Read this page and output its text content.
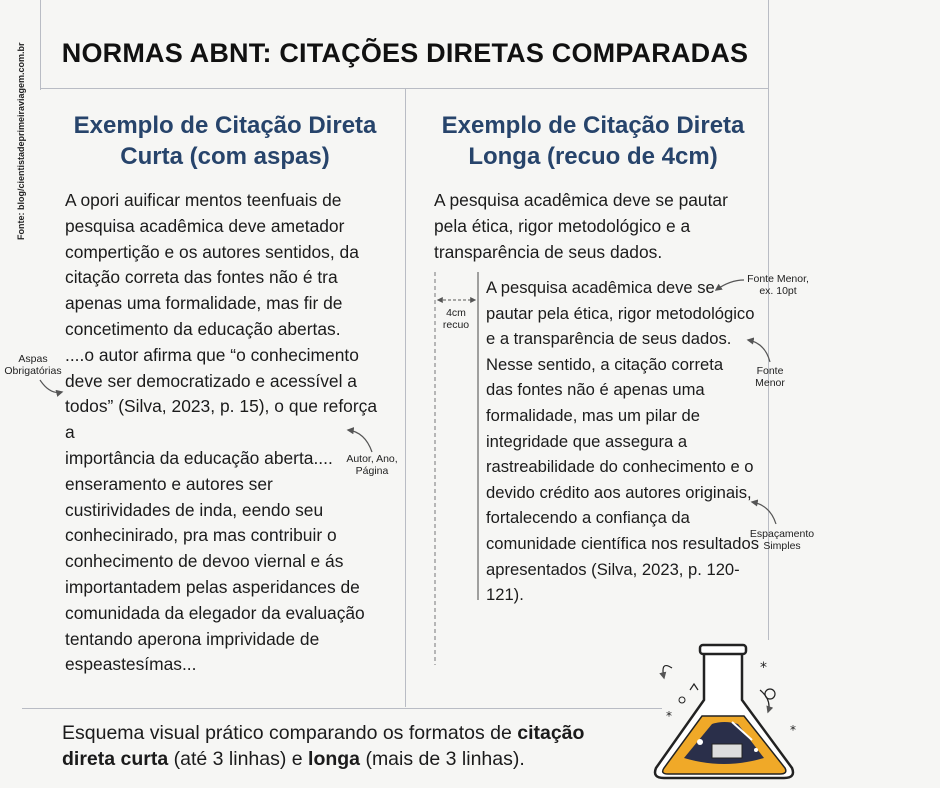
Fonte: blog/cientistadeprimeiraviagem.com.br	NORMAS ABNT: CITAÇÕES DIRETAS COMPARADAS
Exemplo de Citação Direta
Curta (com aspas)
Exemplo de Citação Direta
Longa (recuo de 4cm)
A opori auificar mentos teenfuais de
pesquisa acadêmica deve ametador
compertição e os autores sentidos, da
citação correta das fontes não é tra
apenas uma formalidade, mas fir de
concetimento da educação abertas.
....o autor afirma que “o conhecimento
deve ser democratizado e acessível a
todos” (Silva, 2023, p. 15), o que reforça a
importância da educação aberta....
enseramento e autores ser
custirividades de inda, eendo seu
conhecinirado, pra mas contribuir o
conhecimento de devoo viernal e ás
importantadem pelas asperidances de
comunidada da elegador da evaluação
tentando aperona imprividade de
espeastesímas...
Aspas
Obrigatórias
Autor, Ano,
Página
A pesquisa acadêmica deve se pautar
pela ética, rigor metodológico e a
transparência de seus dados.
A pesquisa acadêmica deve se
pautar pela ética, rigor metodológico
e a transparência de seus dados.
Nesse sentido, a citação correta
das fontes não é apenas uma
formalidade, mas um pilar de
integridade que assegura a
rastreabilidade do conhecimento e o
devido crédito aos autores originais,
fortalecendo a confiança da
comunidade científica nos resultados
apresentados (Silva, 2023, p. 120-
121).
4cm
recuo
Fonte Menor,
ex. 10pt
Fonte
Menor
Espaçamento
Simples
Esquema visual prático comparando os formatos de citação direta curta (até 3 linhas) e longa (mais de 3 linhas).
*
*
*
